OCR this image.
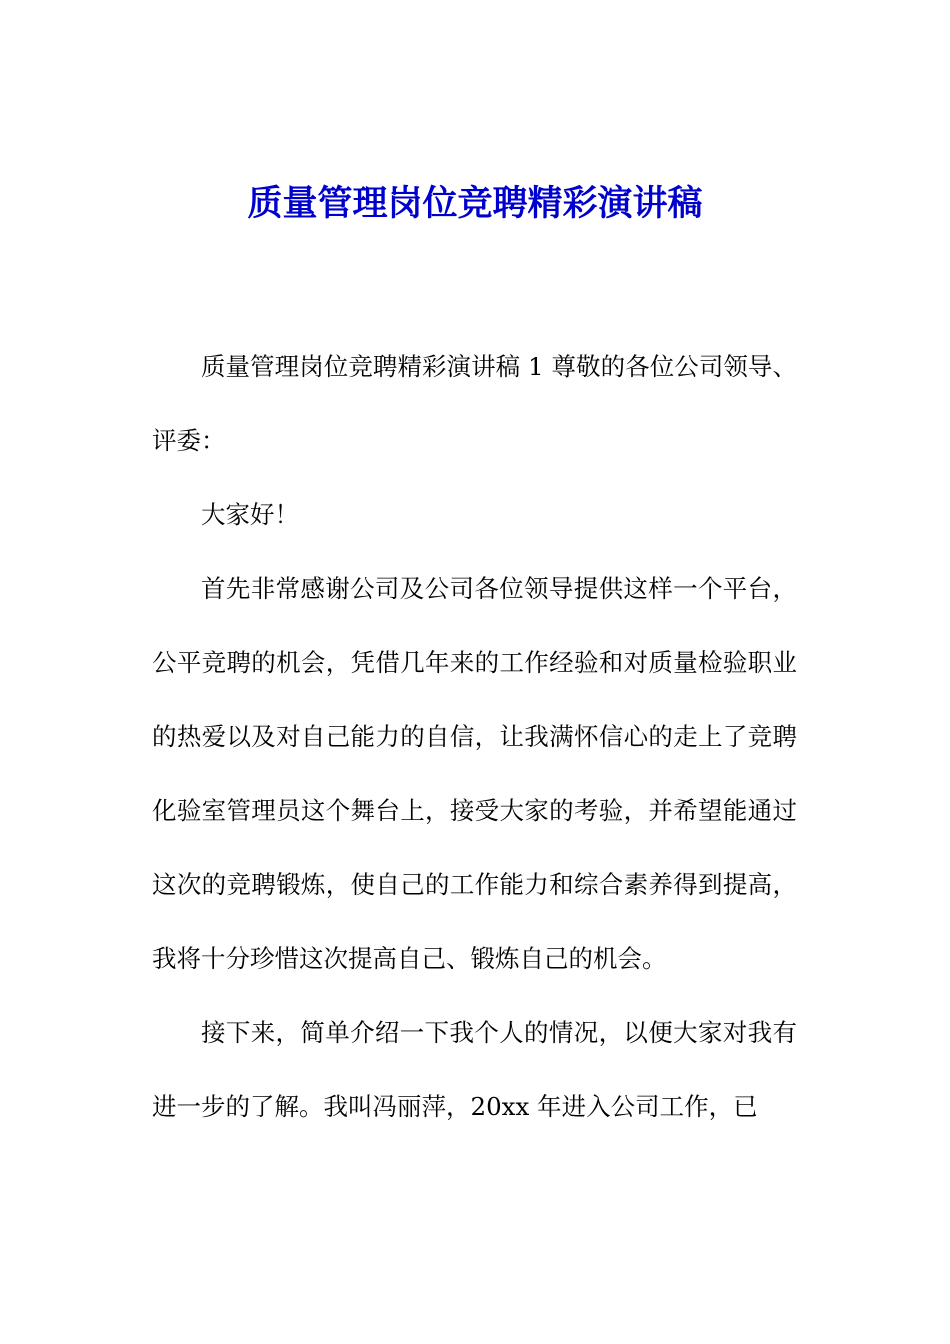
质量管理岗位竞聘精彩演讲稿

质量管理岗位竞聘精彩演讲稿 1 尊敬的各位公司领导、评委：

大家好！

首先非常感谢公司及公司各位领导提供这样一个平台，公平竞聘的机会，凭借几年来的工作经验和对质量检验职业的热爱以及对自己能力的自信，让我满怀信心的走上了竞聘化验室管理员这个舞台上，接受大家的考验，并希望能通过这次的竞聘锻炼，使自己的工作能力和综合素养得到提高，我将十分珍惜这次提高自己、锻炼自己的机会。

接下来，简单介绍一下我个人的情况，以便大家对我有进一步的了解。我叫冯丽萍，20xx 年进入公司工作，已
